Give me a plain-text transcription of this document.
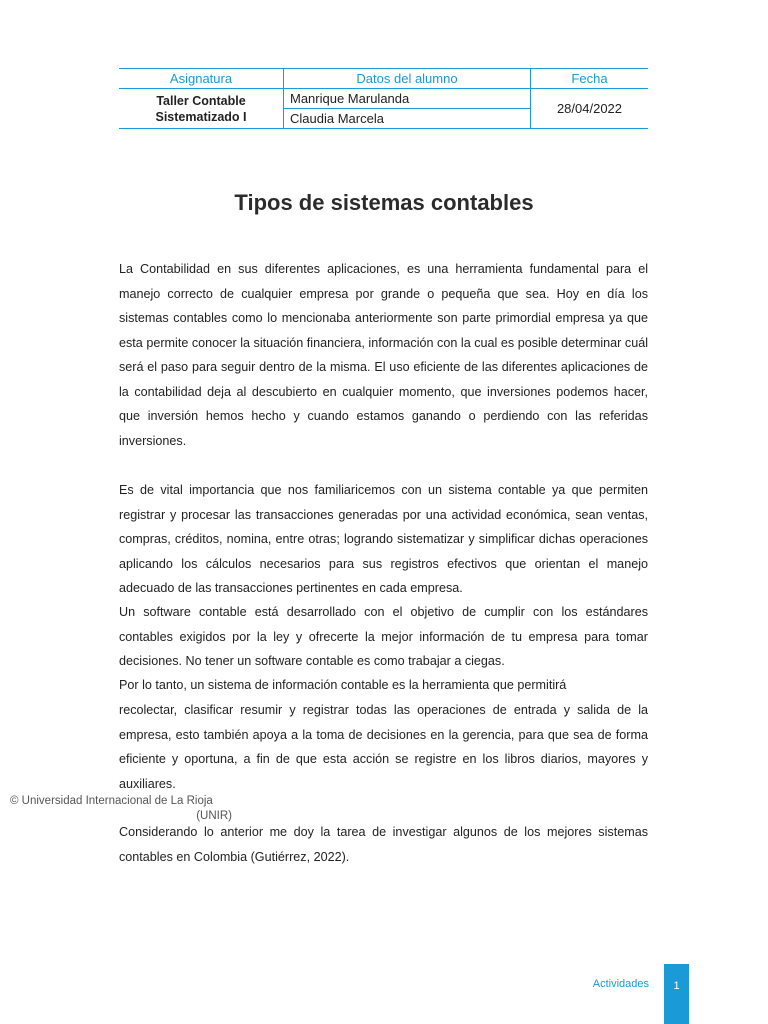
Asignatura	Datos del alumno	Fecha
Taller Contable
Sistematizado I	Manrique Marulanda	28/04/2022
	Claudia Marcela	
Tipos de sistemas contables

La Contabilidad en sus diferentes aplicaciones, es una herramienta fundamental para el manejo correcto de cualquier empresa por grande o pequeña que sea. Hoy en día los sistemas contables como lo mencionaba anteriormente son parte primordial empresa ya que esta permite conocer la situación financiera, información con la cual es posible determinar cuál será el paso para seguir dentro de la misma. El uso eficiente de las diferentes aplicaciones de la contabilidad deja al descubierto en cualquier momento, que inversiones podemos hacer, que inversión hemos hecho y cuando estamos ganando o perdiendo con las referidas inversiones.

Es de vital importancia que nos familiaricemos con un sistema contable ya que permiten registrar y procesar las transacciones generadas por una actividad económica, sean ventas, compras, créditos, nomina, entre otras; logrando sistematizar y simplificar dichas operaciones aplicando los cálculos necesarios para sus registros efectivos que orientan el manejo adecuado de las transacciones pertinentes en cada empresa.

Un software contable está desarrollado con el objetivo de cumplir con los estándares contables exigidos por la ley y ofrecerte la mejor información de tu empresa para tomar decisiones. No tener un software contable es como trabajar a ciegas.

Por lo tanto, un sistema de información contable es la herramienta que permitirá

recolectar, clasificar resumir y registrar todas las operaciones de entrada y salida de la empresa, esto también apoya a la toma de decisiones en la gerencia, para que sea de forma eficiente y oportuna, a fin de que esta acción se registre en los libros diarios, mayores y auxiliares.

Considerando lo anterior me doy la tarea de investigar algunos de los mejores sistemas contables en Colombia (Gutiérrez, 2022).

© Universidad Internacional de La Rioja
(UNIR)
Actividades	1
